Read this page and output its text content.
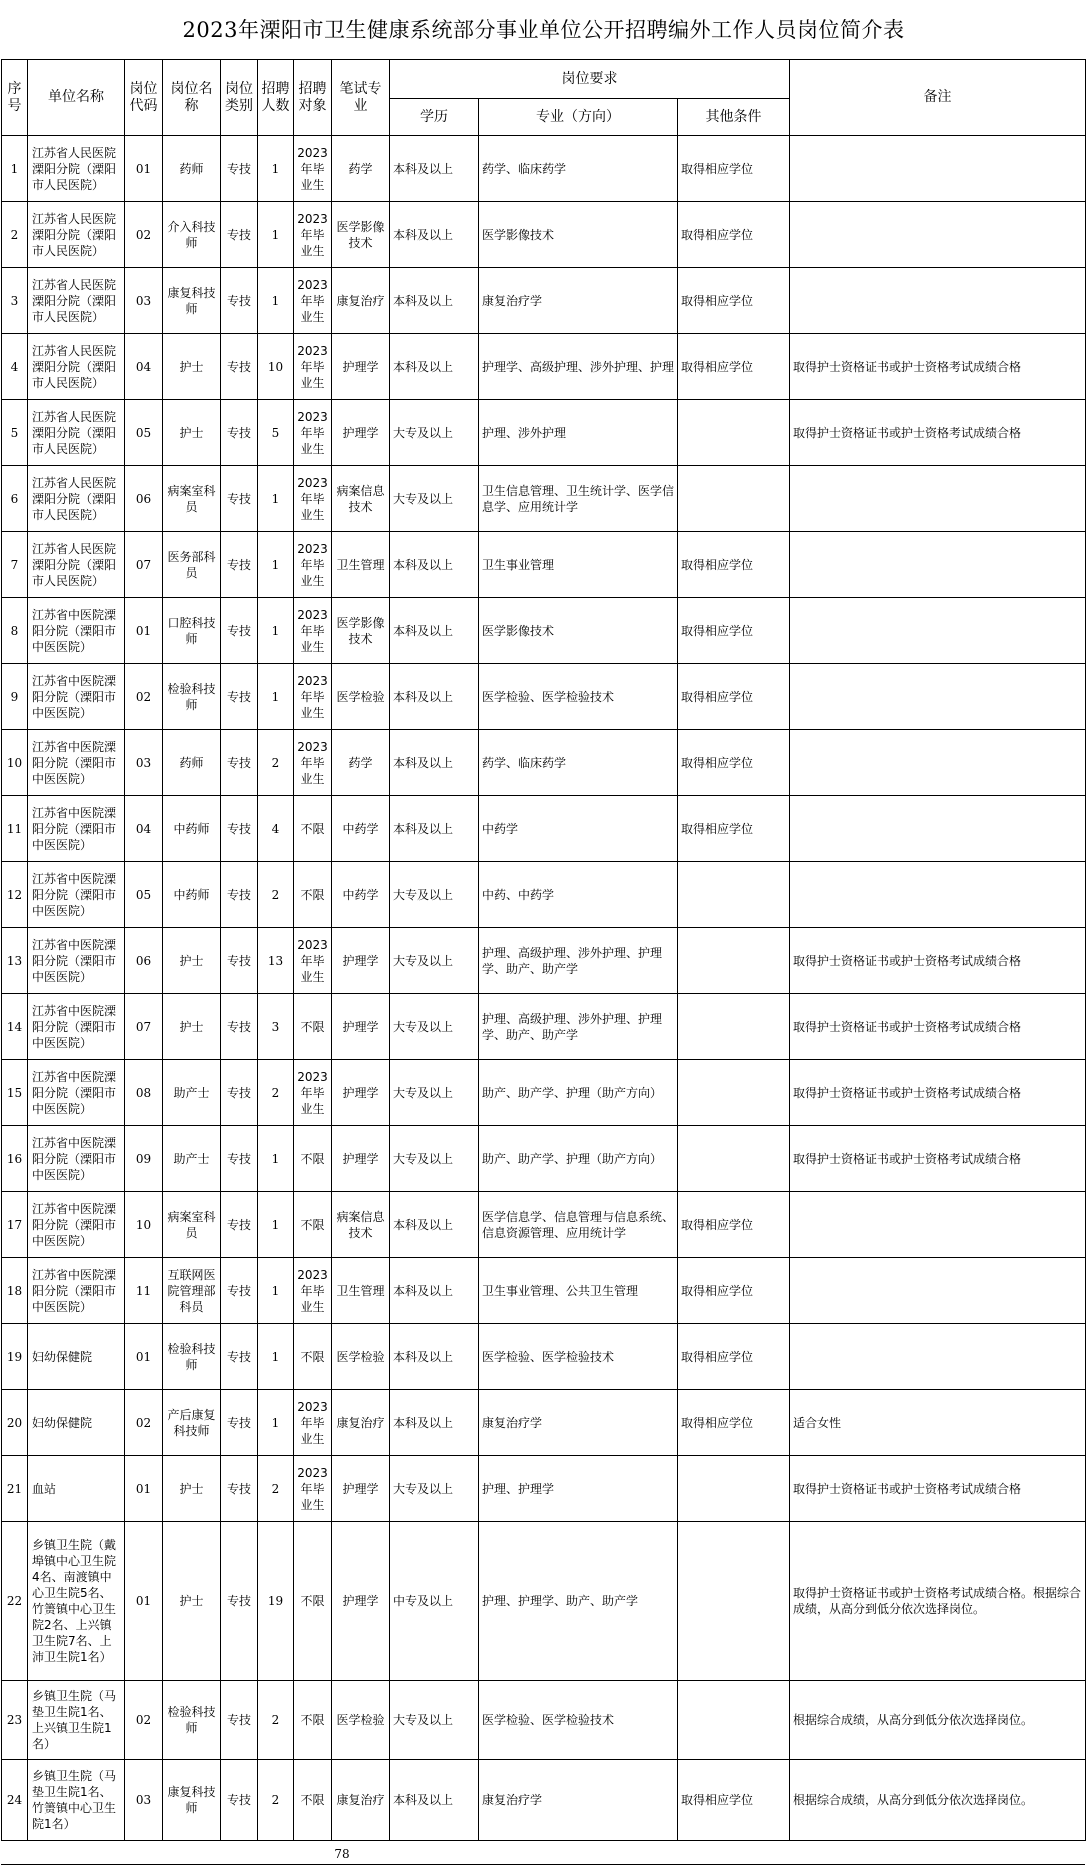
2023年溧阳市卫生健康系统部分事业单位公开招聘编外工作人员岗位简介表
序号	单位名称	岗位代码	岗位名称	岗位类别	招聘人数	招聘对象	笔试专业	岗位要求			备注
								学历	专业（方向）	其他条件	
1	江苏省人民医院溧阳分院（溧阳市人民医院）	01	药师	专技	1	2023年毕业生	药学	本科及以上	药学、临床药学	取得相应学位	
2	江苏省人民医院溧阳分院（溧阳市人民医院）	02	介入科技师	专技	1	2023年毕业生	医学影像技术	本科及以上	医学影像技术	取得相应学位	
3	江苏省人民医院溧阳分院（溧阳市人民医院）	03	康复科技师	专技	1	2023年毕业生	康复治疗	本科及以上	康复治疗学	取得相应学位	
4	江苏省人民医院溧阳分院（溧阳市人民医院）	04	护士	专技	10	2023年毕业生	护理学	本科及以上	护理学、高级护理、涉外护理、护理	取得相应学位	取得护士资格证书或护士资格考试成绩合格
5	江苏省人民医院溧阳分院（溧阳市人民医院）	05	护士	专技	5	2023年毕业生	护理学	大专及以上	护理、涉外护理		取得护士资格证书或护士资格考试成绩合格
6	江苏省人民医院溧阳分院（溧阳市人民医院）	06	病案室科员	专技	1	2023年毕业生	病案信息技术	大专及以上	卫生信息管理、卫生统计学、医学信息学、应用统计学		
7	江苏省人民医院溧阳分院（溧阳市人民医院）	07	医务部科员	专技	1	2023年毕业生	卫生管理	本科及以上	卫生事业管理	取得相应学位	
8	江苏省中医院溧阳分院（溧阳市中医医院）	01	口腔科技师	专技	1	2023年毕业生	医学影像技术	本科及以上	医学影像技术	取得相应学位	
9	江苏省中医院溧阳分院（溧阳市中医医院）	02	检验科技师	专技	1	2023年毕业生	医学检验	本科及以上	医学检验、医学检验技术	取得相应学位	
10	江苏省中医院溧阳分院（溧阳市中医医院）	03	药师	专技	2	2023年毕业生	药学	本科及以上	药学、临床药学	取得相应学位	
11	江苏省中医院溧阳分院（溧阳市中医医院）	04	中药师	专技	4	不限	中药学	本科及以上	中药学	取得相应学位	
12	江苏省中医院溧阳分院（溧阳市中医医院）	05	中药师	专技	2	不限	中药学	大专及以上	中药、中药学		
13	江苏省中医院溧阳分院（溧阳市中医医院）	06	护士	专技	13	2023年毕业生	护理学	大专及以上	护理、高级护理、涉外护理、护理学、助产、助产学		取得护士资格证书或护士资格考试成绩合格
14	江苏省中医院溧阳分院（溧阳市中医医院）	07	护士	专技	3	不限	护理学	大专及以上	护理、高级护理、涉外护理、护理学、助产、助产学		取得护士资格证书或护士资格考试成绩合格
15	江苏省中医院溧阳分院（溧阳市中医医院）	08	助产士	专技	2	2023年毕业生	护理学	大专及以上	助产、助产学、护理（助产方向）		取得护士资格证书或护士资格考试成绩合格
16	江苏省中医院溧阳分院（溧阳市中医医院）	09	助产士	专技	1	不限	护理学	大专及以上	助产、助产学、护理（助产方向）		取得护士资格证书或护士资格考试成绩合格
17	江苏省中医院溧阳分院（溧阳市中医医院）	10	病案室科员	专技	1	不限	病案信息技术	本科及以上	医学信息学、信息管理与信息系统、信息资源管理、应用统计学	取得相应学位	
18	江苏省中医院溧阳分院（溧阳市中医医院）	11	互联网医院管理部科员	专技	1	2023年毕业生	卫生管理	本科及以上	卫生事业管理、公共卫生管理	取得相应学位	
19	妇幼保健院	01	检验科技师	专技	1	不限	医学检验	本科及以上	医学检验、医学检验技术	取得相应学位	
20	妇幼保健院	02	产后康复科技师	专技	1	2023年毕业生	康复治疗	本科及以上	康复治疗学	取得相应学位	适合女性
21	血站	01	护士	专技	2	2023年毕业生	护理学	大专及以上	护理、护理学		取得护士资格证书或护士资格考试成绩合格
22	乡镇卫生院（戴埠镇中心卫生院4名、南渡镇中心卫生院5名、竹箦镇中心卫生院2名、上兴镇卫生院7名、上沛卫生院1名）	01	护士	专技	19	不限	护理学	中专及以上	护理、护理学、助产、助产学		取得护士资格证书或护士资格考试成绩合格。根据综合成绩，从高分到低分依次选择岗位。
23	乡镇卫生院（马垫卫生院1名、上兴镇卫生院1名）	02	检验科技师	专技	2	不限	医学检验	大专及以上	医学检验、医学检验技术		根据综合成绩，从高分到低分依次选择岗位。
24	乡镇卫生院（马垫卫生院1名、竹箦镇中心卫生院1名）	03	康复科技师	专技	2	不限	康复治疗	本科及以上	康复治疗学	取得相应学位	根据综合成绩，从高分到低分依次选择岗位。
78
